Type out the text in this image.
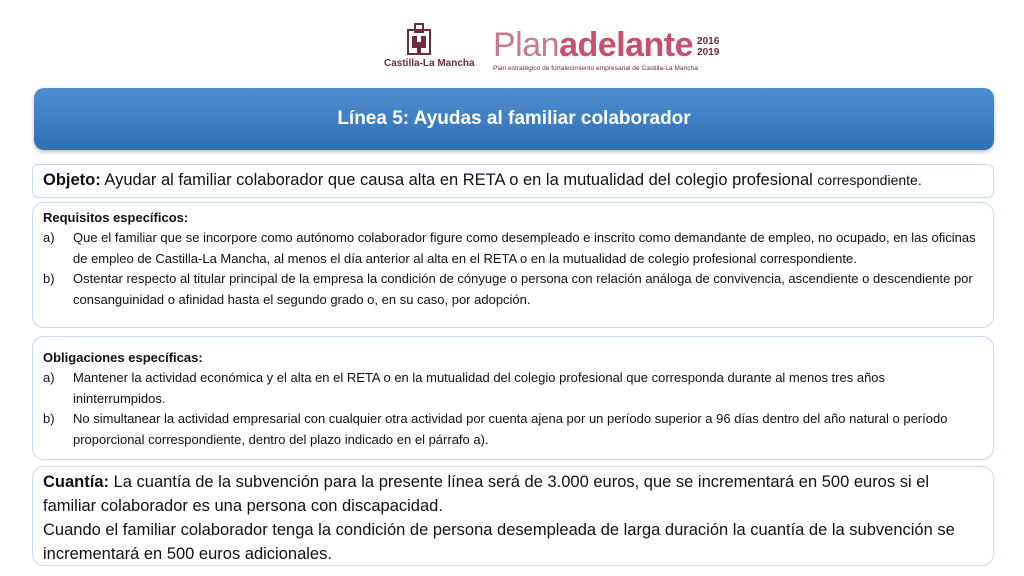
Castilla-La Mancha Plan adelante 2016
2019
Plan estratégico de fortalecimiento empresarial de Castilla-La Mancha
Línea 5: Ayudas al familiar colaborador
Objeto: Ayudar al familiar colaborador que causa alta en RETA o en la mutualidad del colegio profesional correspondiente.
Requisitos específicos:
a)	Que el familiar que se incorpore como autónomo colaborador figure como desempleado e inscrito como demandante de empleo, no ocupado, en las oficinas de empleo de Castilla-La Mancha, al menos el día anterior al alta en el RETA o en la mutualidad de colegio profesional correspondiente.
b)	Ostentar respecto al titular principal de la empresa la condición de cónyuge o persona con relación análoga de convivencia, ascendiente o descendiente por consanguinidad o afinidad hasta el segundo grado o, en su caso, por adopción.
Obligaciones específicas:
a)	Mantener la actividad económica y el alta en el RETA o en la mutualidad del colegio profesional que corresponda durante al menos tres años ininterrumpidos.
b)	No simultanear la actividad empresarial con cualquier otra actividad por cuenta ajena por un período superior a 96 días dentro del año natural o período proporcional correspondiente, dentro del plazo indicado en el párrafo a).
Cuantía: La cuantía de la subvención para la presente línea será de 3.000 euros, que se incrementará en 500 euros si el familiar colaborador es una persona con discapacidad.
Cuando el familiar colaborador tenga la condición de persona desempleada de larga duración la cuantía de la subvención se incrementará en 500 euros adicionales.
